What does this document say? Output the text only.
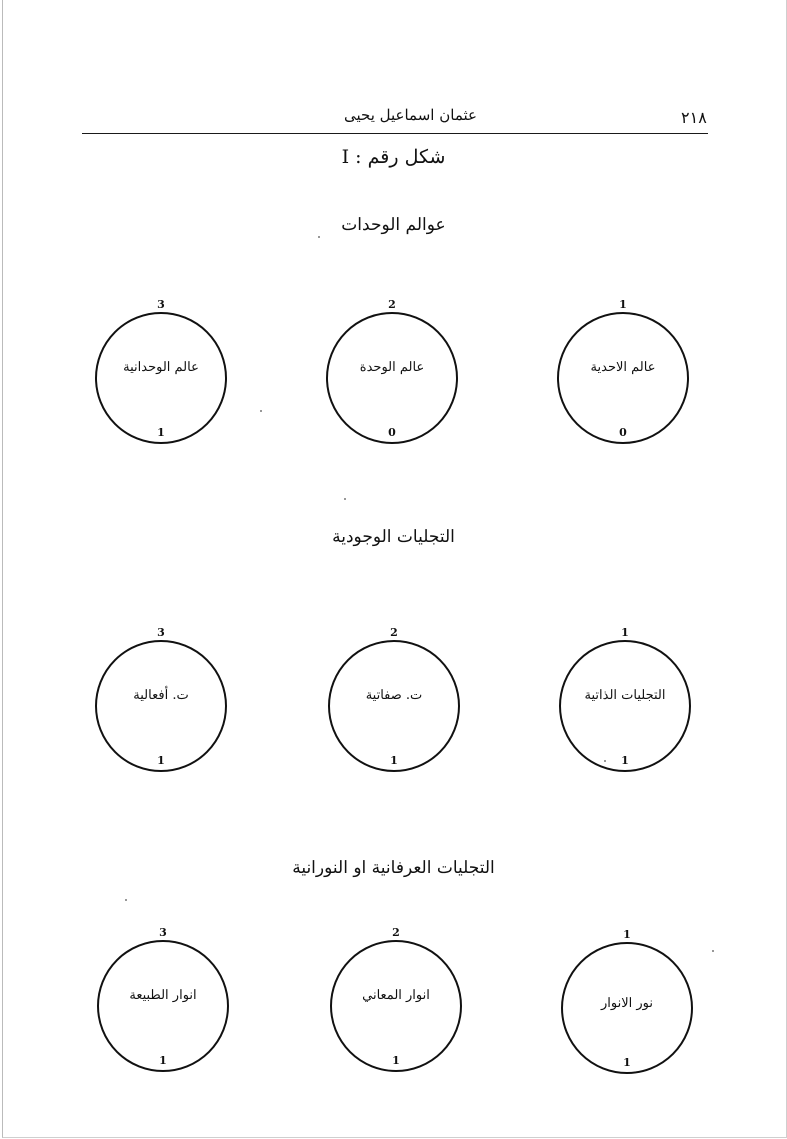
٢١٨
عثمان اسماعيل يحيى
شكل رقم : I
عوالم الوحدات
3
عالم الوحدانية
1
2
عالم الوحدة
0
1
عالم الاحدية
0
التجليات الوجودية
3
ت. أفعالية
1
2
ت. صفاتية
1
1
التجليات الذاتية
1
التجليات العرفانية او النورانية
3
انوار الطبيعة
1
2
انوار المعاني
1
1
نور الانوار
1
